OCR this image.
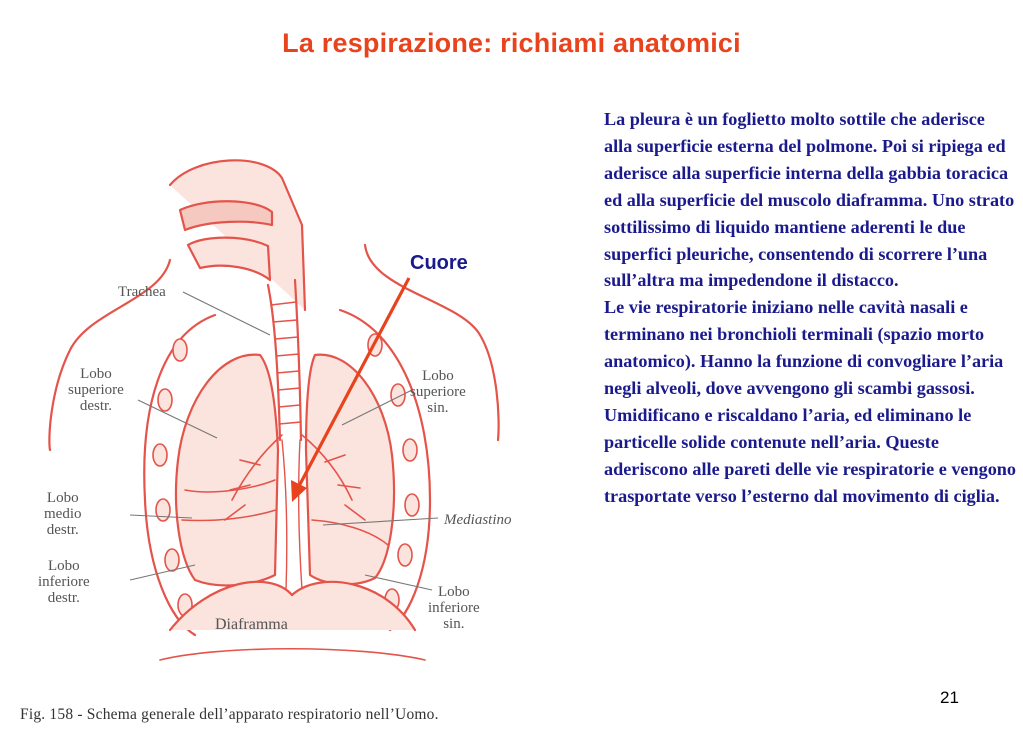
La respirazione: richiami anatomici

La pleura è un foglietto molto sottile che aderisce alla superficie esterna del polmone. Poi si ripiega ed aderisce alla superficie interna della gabbia toracica ed alla superficie del muscolo diaframma. Uno strato sottilissimo di liquido mantiene aderenti le due superfici pleuriche, consentendo di scorrere l’una sull’altra ma impedendone il distacco.
Le vie respiratorie iniziano nelle cavità nasali e terminano nei bronchioli terminali (spazio morto anatomico). Hanno la funzione di convogliare l’aria negli alveoli, dove avvengono gli scambi gassosi. Umidificano e riscaldano l’aria, ed eliminano le particelle solide contenute nell’aria. Queste aderiscono alle pareti delle vie respiratorie e vengono trasportate verso l’esterno dal movimento di ciglia.

Trachea
Lobo
superiore
destr.
Lobo
superiore
sin.
Lobo
medio
destr.
Mediastino
Lobo
inferiore
destr.	Lobo
inferiore
sin.
Diaframma
Cuore
Fig. 158 - Schema generale dell’apparato respiratorio nell’Uomo.
21
